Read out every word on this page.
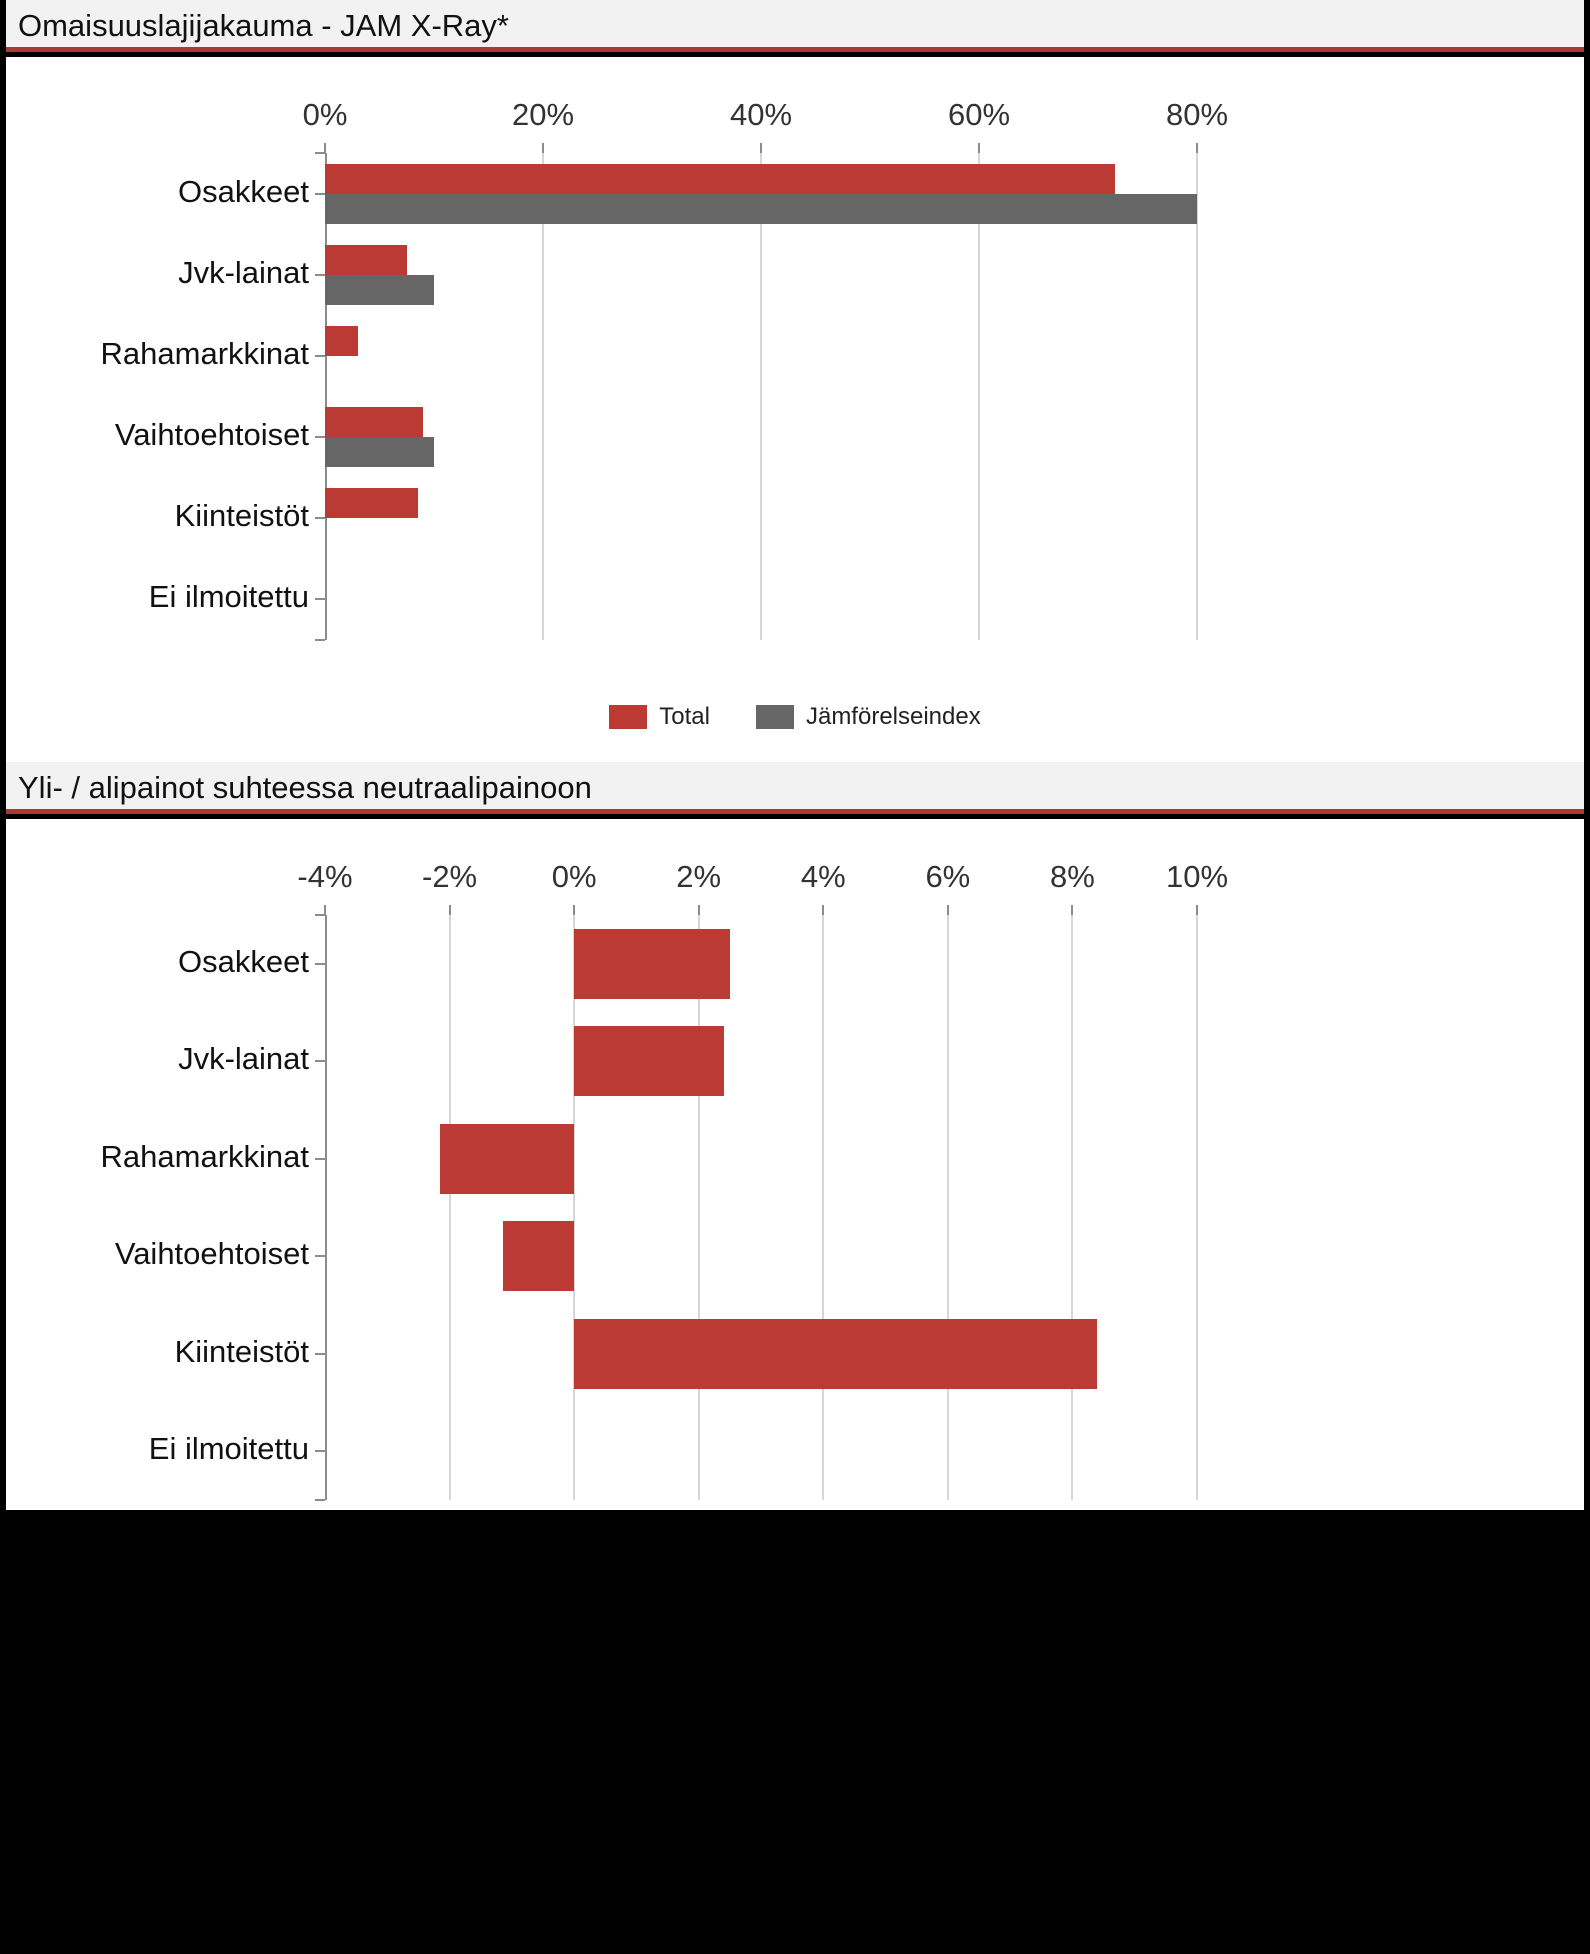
Omaisuuslajijakauma - JAM X-Ray*
0%	20%	40%	60%	80%
Osakkeet
Jvk-lainat
Rahamarkkinat
Vaihtoehtoiset
Kiinteistöt
Ei ilmoitettu
Total	Jämförelseindex
Yli- / alipainot suhteessa neutraalipainoon
-4% -2% 0%	2%	4%	6%	8% 10%
Osakkeet
Jvk-lainat
Rahamarkkinat
Vaihtoehtoiset
Kiinteistöt
Ei ilmoitettu
